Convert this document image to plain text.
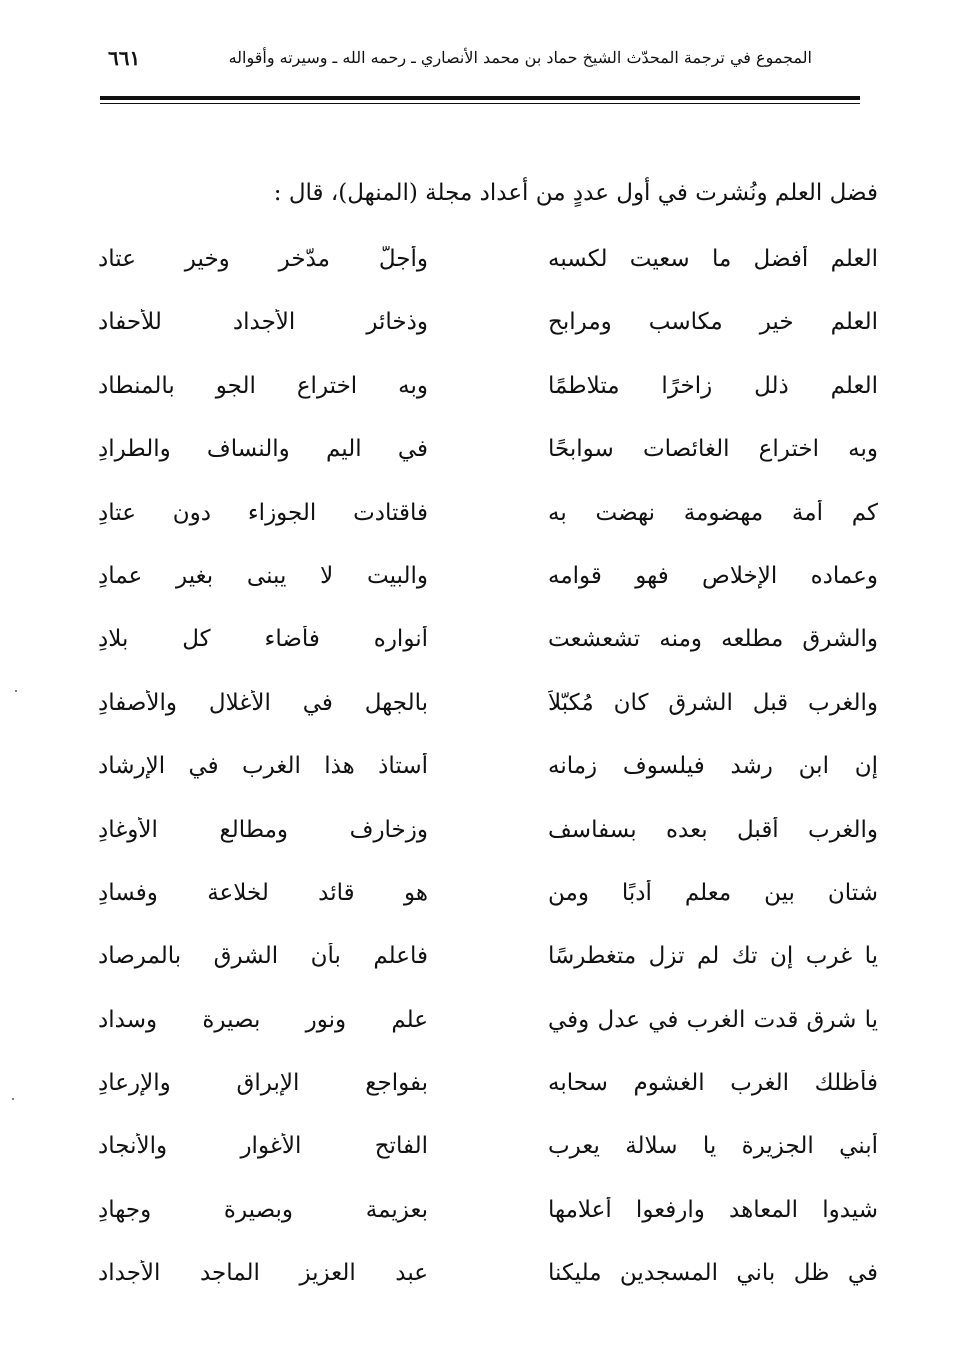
المجموع في ترجمة المحدّث الشيخ حماد بن محمد الأنصاري ـ رحمه الله ـ وسيرته وأقواله
٦٦١
فضل العلم ونُشرت في أول عددٍ من أعداد مجلة (المنهل)، قال :
العلم أفضل ما سعيت لكسبه
وأجلّ مدّخر وخير عتاد
العلم خير مكاسب ومرابح
وذخائر الأجداد للأحفاد
العلم ذلل زاخرًا متلاطمًا
وبه اختراع الجو بالمنطاد
وبه اختراع الغائصات سوابحًا
في اليم والنساف والطرادِ
كم أمة مهضومة نهضت به
فاقتادت الجوزاء دون عتادِ
وعماده الإخلاص فهو قوامه
والبيت لا يبنى بغير عمادِ
والشرق مطلعه ومنه تشعشعت
أنواره فأضاء كل بلادِ
والغرب قبل الشرق كان مُكبّلاً
بالجهل في الأغلال والأصفادِ
إن ابن رشد فيلسوف زمانه
أستاذ هذا الغرب في الإرشاد
والغرب أقبل بعده بسفاسف
وزخارف ومطالع الأوغادِ
شتان بين معلم أدبًا ومن
هو قائد لخلاعة وفسادِ
يا غرب إن تك لم تزل متغطرسًا
فاعلم بأن الشرق بالمرصاد
يا شرق قدت الغرب في عدل وفي
علم ونور بصيرة وسداد
فأظلك الغرب الغشوم سحابه
بفواجع الإبراق والإرعادِ
أبني الجزيرة يا سلالة يعرب
الفاتح الأغوار والأنجاد
شيدوا المعاهد وارفعوا أعلامها
بعزيمة وبصيرة وجهادِ
في ظل باني المسجدين مليكنا
عبد العزيز الماجد الأجداد
